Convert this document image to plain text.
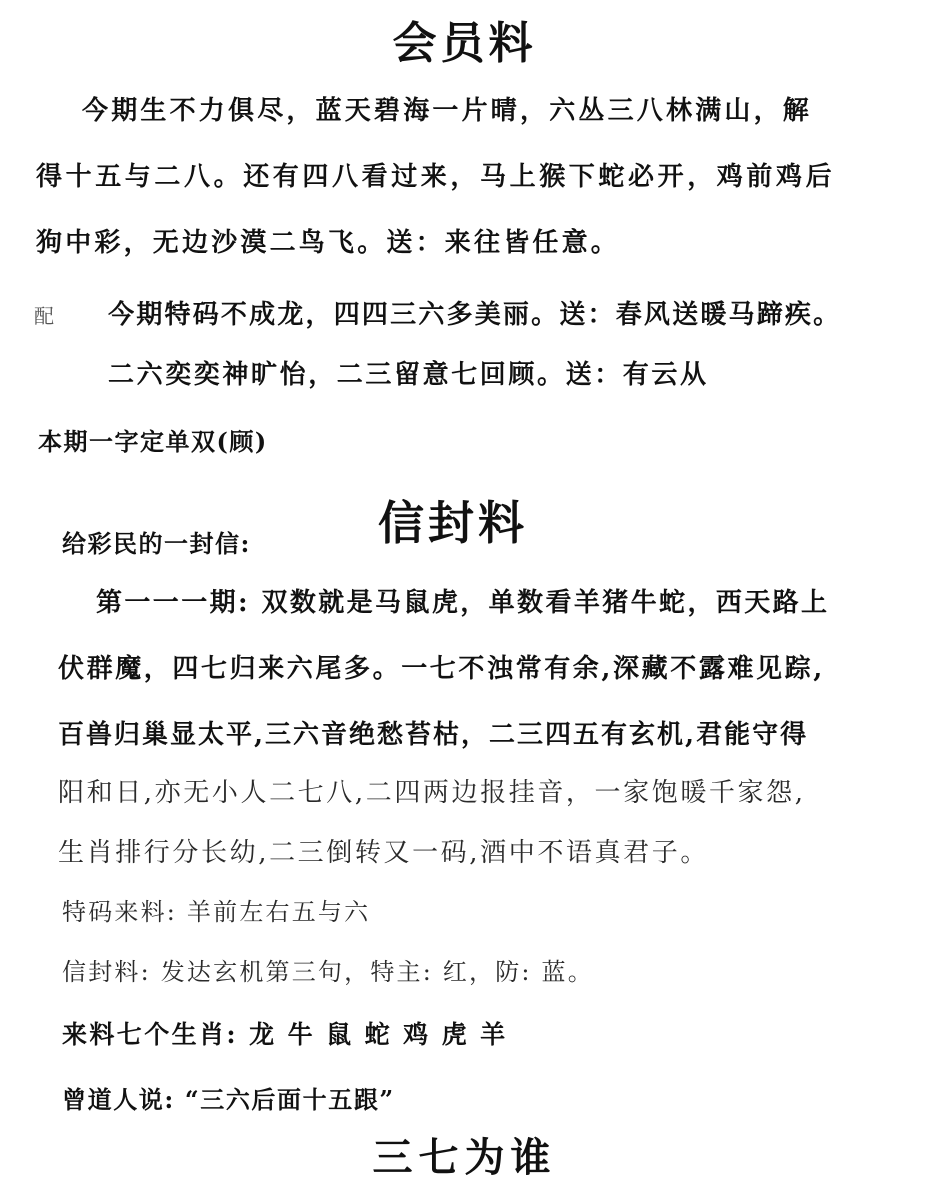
会员料
今期生不力俱尽，蓝天碧海一片晴，六丛三八林满山，解
得十五与二八。还有四八看过来，马上猴下蛇必开，鸡前鸡后
狗中彩，无边沙漠二鸟飞。送：来往皆任意。
配 今期特码不成龙，四四三六多美丽。送：春风送暖马蹄疾。
二六奕奕神旷怡，二三留意七回顾。送：有云从
本期一字定单双(顾)
给彩民的一封信:	信封料
第一一一期: 双数就是马鼠虎，单数看羊猪牛蛇，西天路上
伏群魔，四七归来六尾多。一七不浊常有余,深藏不露难见踪,
百兽归巢显太平,三六音绝愁苔枯，二三四五有玄机,君能守得
阳和日,亦无小人二七八,二四两边报挂音，一家饱暖千家怨,
生肖排行分长幼,二三倒转又一码,酒中不语真君子。
特码来料: 羊前左右五与六
信封料: 发达玄机第三句，特主: 红，防: 蓝。
来料七个生肖: 龙 牛 鼠 蛇 鸡 虎 羊
曾道人说: “三六后面十五跟”
三七为谁
